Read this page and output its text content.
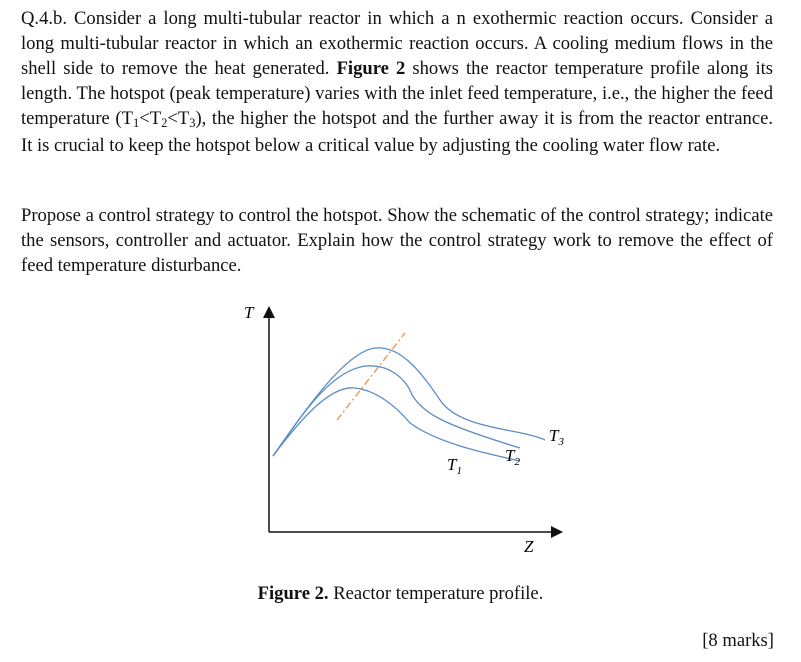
Q.4.b. Consider a long multi-tubular reactor in which a n exothermic reaction occurs. Consider a long multi-tubular reactor in which an exothermic reaction occurs. A cooling medium flows in the shell side to remove the heat generated. Figure 2 shows the reactor temperature profile along its length. The hotspot (peak temperature) varies with the inlet feed temperature, i.e., the higher the feed temperature (T1<T2<T3), the higher the hotspot and the further away it is from the reactor entrance. It is crucial to keep the hotspot below a critical value by adjusting the cooling water flow rate.

Propose a control strategy to control the hotspot. Show the schematic of the control strategy; indicate the sensors, controller and actuator. Explain how the control strategy work to remove the effect of feed temperature disturbance.

T
Z
$T_1$
$T_2$
$T_3$
Figure 2. Reactor temperature profile.
[8 marks]
